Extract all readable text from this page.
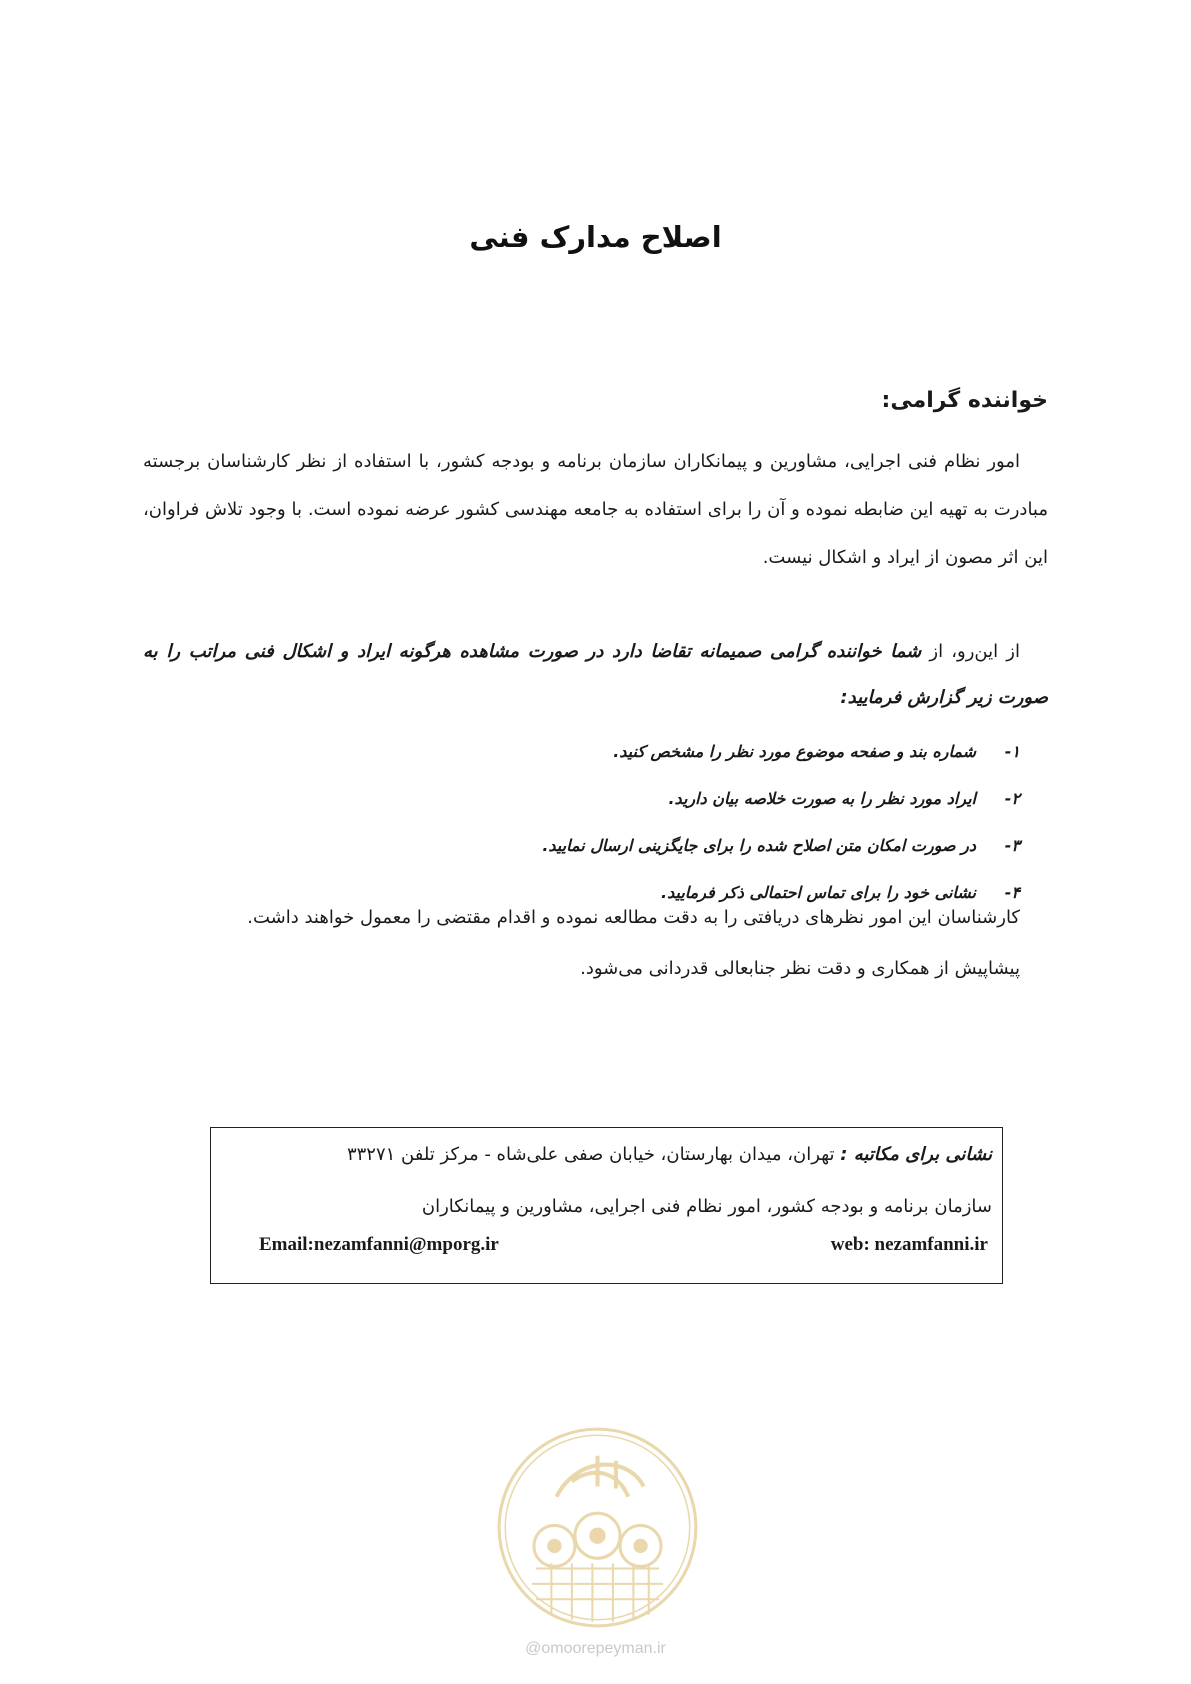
اصلاح مدارک فنی
خواننده گرامی:
امور نظام فنی اجرایی، مشاورین و پیمانکاران سازمان برنامه و بودجه کشور، با استفاده از نظر کارشناسان برجسته مبادرت به تهیه این ضابطه نموده و آن را برای استفاده به جامعه مهندسی کشور عرضه نموده است. با وجود تلاش فراوان، این اثر مصون از ایراد و اشکال نیست.
از این‌رو، از شما خواننده گرامی صمیمانه تقاضا دارد در صورت مشاهده هرگونه ایراد و اشکال فنی مراتب را به صورت زیر گزارش فرمایید:
۱-شماره بند و صفحه موضوع مورد نظر را مشخص کنید.
۲-ایراد مورد نظر را به صورت خلاصه بیان دارید.
۳-در صورت امکان متن اصلاح شده را برای جایگزینی ارسال نمایید.
۴-نشانی خود را برای تماس احتمالی ذکر فرمایید.
کارشناسان این امور نظرهای دریافتی را به دقت مطالعه نموده و اقدام مقتضی را معمول خواهند داشت.
پیشاپیش از همکاری و دقت نظر جنابعالی قدردانی می‌شود.
نشانی برای مکاتبه : تهران، میدان بهارستان، خیابان صفی علی‌شاه - مرکز تلفن ۳۳۲۷۱
سازمان برنامه و بودجه کشور، امور نظام فنی اجرایی، مشاورین و پیمانکاران
web: nezamfanni.ir
Email:nezamfanni@mporg.ir
@omoorepeyman.ir
